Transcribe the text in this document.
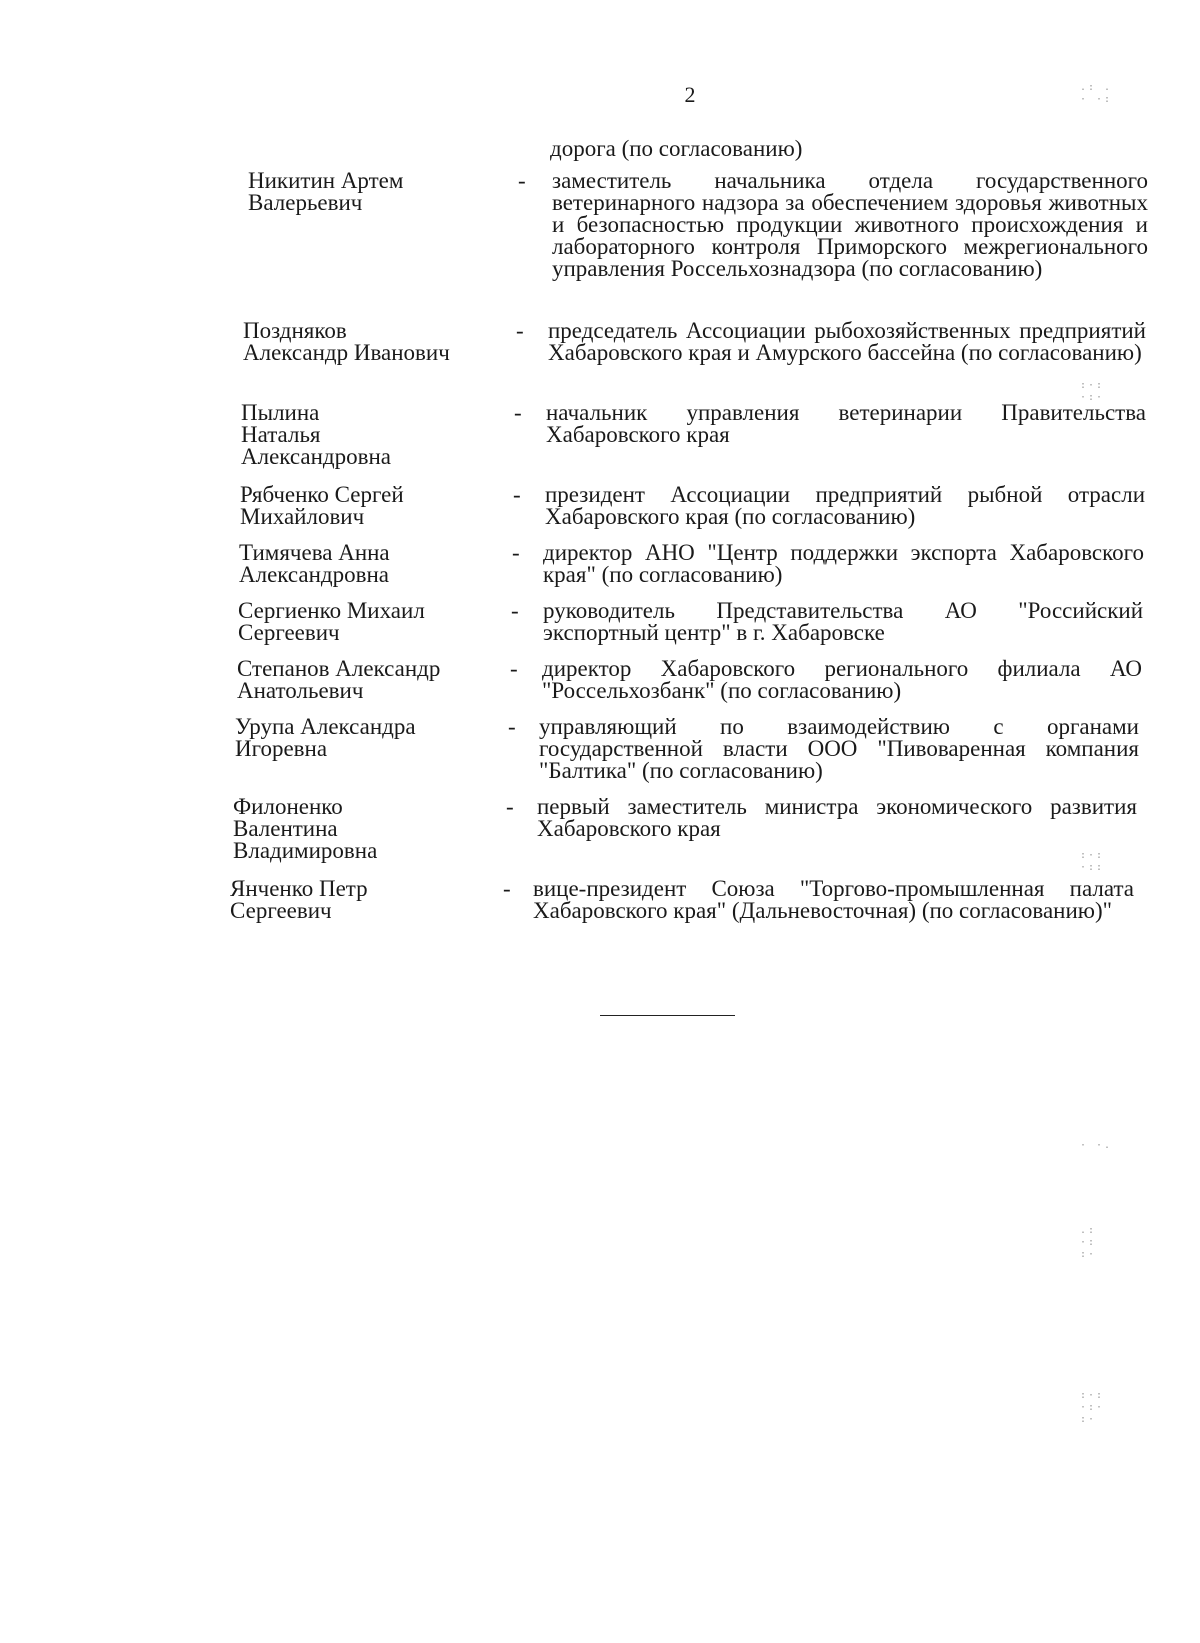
2
дорога (по согласованию)
Никитин Артем
Валерьевич
- заместитель начальника отдела государственного ветеринарного надзора за обеспечением здоровья животных и безопасностью продукции животного происхождения и лабораторного контроля Приморского межрегионального управления Россельхознадзора (по согласованию)
Поздняков
Александр Иванович
- председатель Ассоциации рыбохозяйственных предприятий Хабаровского края и Амурского бассейна (по согласованию)
Пылина
Наталья
Александровна
- начальник управления ветеринарии Правительства Хабаровского края
Рябченко Сергей
Михайлович
- президент Ассоциации предприятий рыбной отрасли Хабаровского края (по согласованию)
Тимячева Анна
Александровна
- директор АНО "Центр поддержки экспорта Хабаровского края" (по согласованию)
Сергиенко Михаил
Сергеевич
- руководитель Представительства АО "Российский экспортный центр" в г. Хабаровске
Степанов Александр
Анатольевич
- директор Хабаровского регионального филиала АО "Россельхозбанк" (по согласованию)
Урупа Александра
Игоревна
- управляющий по взаимодействию с органами государственной власти ООО "Пивоваренная компания "Балтика" (по согласованию)
Филоненко
Валентина
Владимировна
- первый заместитель министра экономического развития Хабаровского края
Янченко Петр
Сергеевич
- вице-президент Союза "Торгово-промышленная палата Хабаровского края" (Дальневосточная) (по согласованию)"
.: .
· ·:
:·:
·:·
:·:
·::
· ·.
.:
·:
:·
:·:
·:·
:·
